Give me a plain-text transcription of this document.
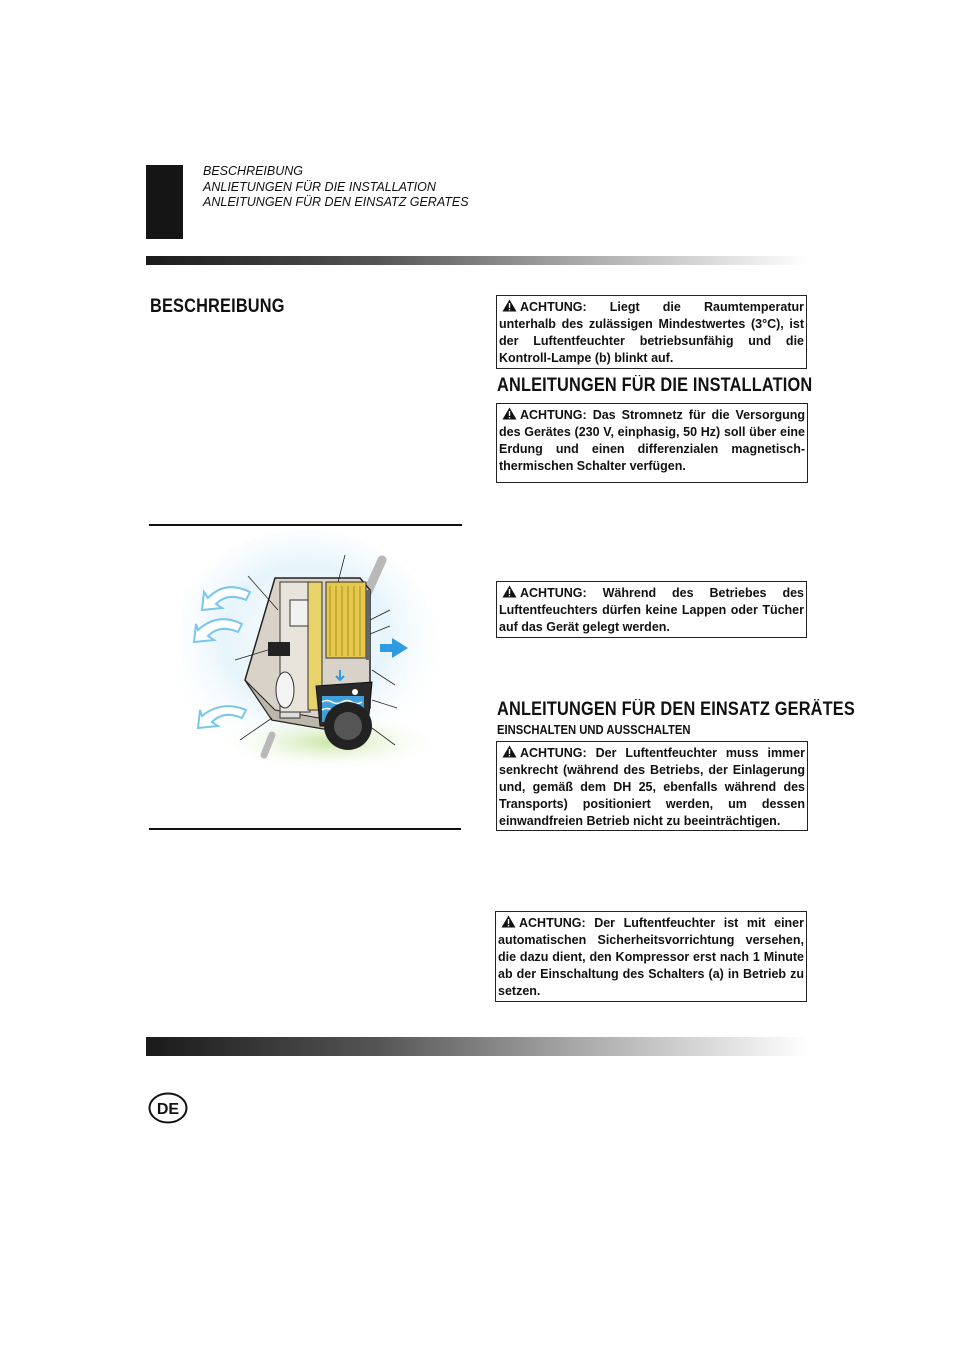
BESCHREIBUNG
ANLIETUNGEN FÜR DIE INSTALLATION
ANLEITUNGEN FÜR DEN EINSATZ GERATES
BESCHREIBUNG	ACHTUNG: Liegt die Raumtemperatur unterhalb des zulässigen Mindestwertes (3°C), ist der Luftentfeuchter betriebsunfähig und die Kontroll-Lampe (b) blinkt auf.
ANLEITUNGEN FÜR DIE INSTALLATION
ACHTUNG: Das Stromnetz für die Versorgung des Gerätes (230 V, einphasig, 50 Hz) soll über eine Erdung und einen differenzialen magnetisch-thermischen Schalter verfügen.
ACHTUNG: Während des Betriebes des Luftentfeuchters dürfen keine Lappen oder Tücher auf das Gerät gelegt werden.
ANLEITUNGEN FÜR DEN EINSATZ GERÄTES
EINSCHALTEN UND AUSSCHALTEN
ACHTUNG: Der Luftentfeuchter muss immer senkrecht (während des Betriebs, der Einlagerung und, gemäß dem DH 25, ebenfalls während des Transports) positioniert werden, um dessen einwandfreien Betrieb nicht zu beeinträchtigen.
ACHTUNG: Der Luftentfeuchter ist mit einer automatischen Sicherheitsvorrichtung versehen, die dazu dient, den Kompressor erst nach 1 Minute ab der Einschaltung des Schalters (a) in Betrieb zu setzen.
DE
